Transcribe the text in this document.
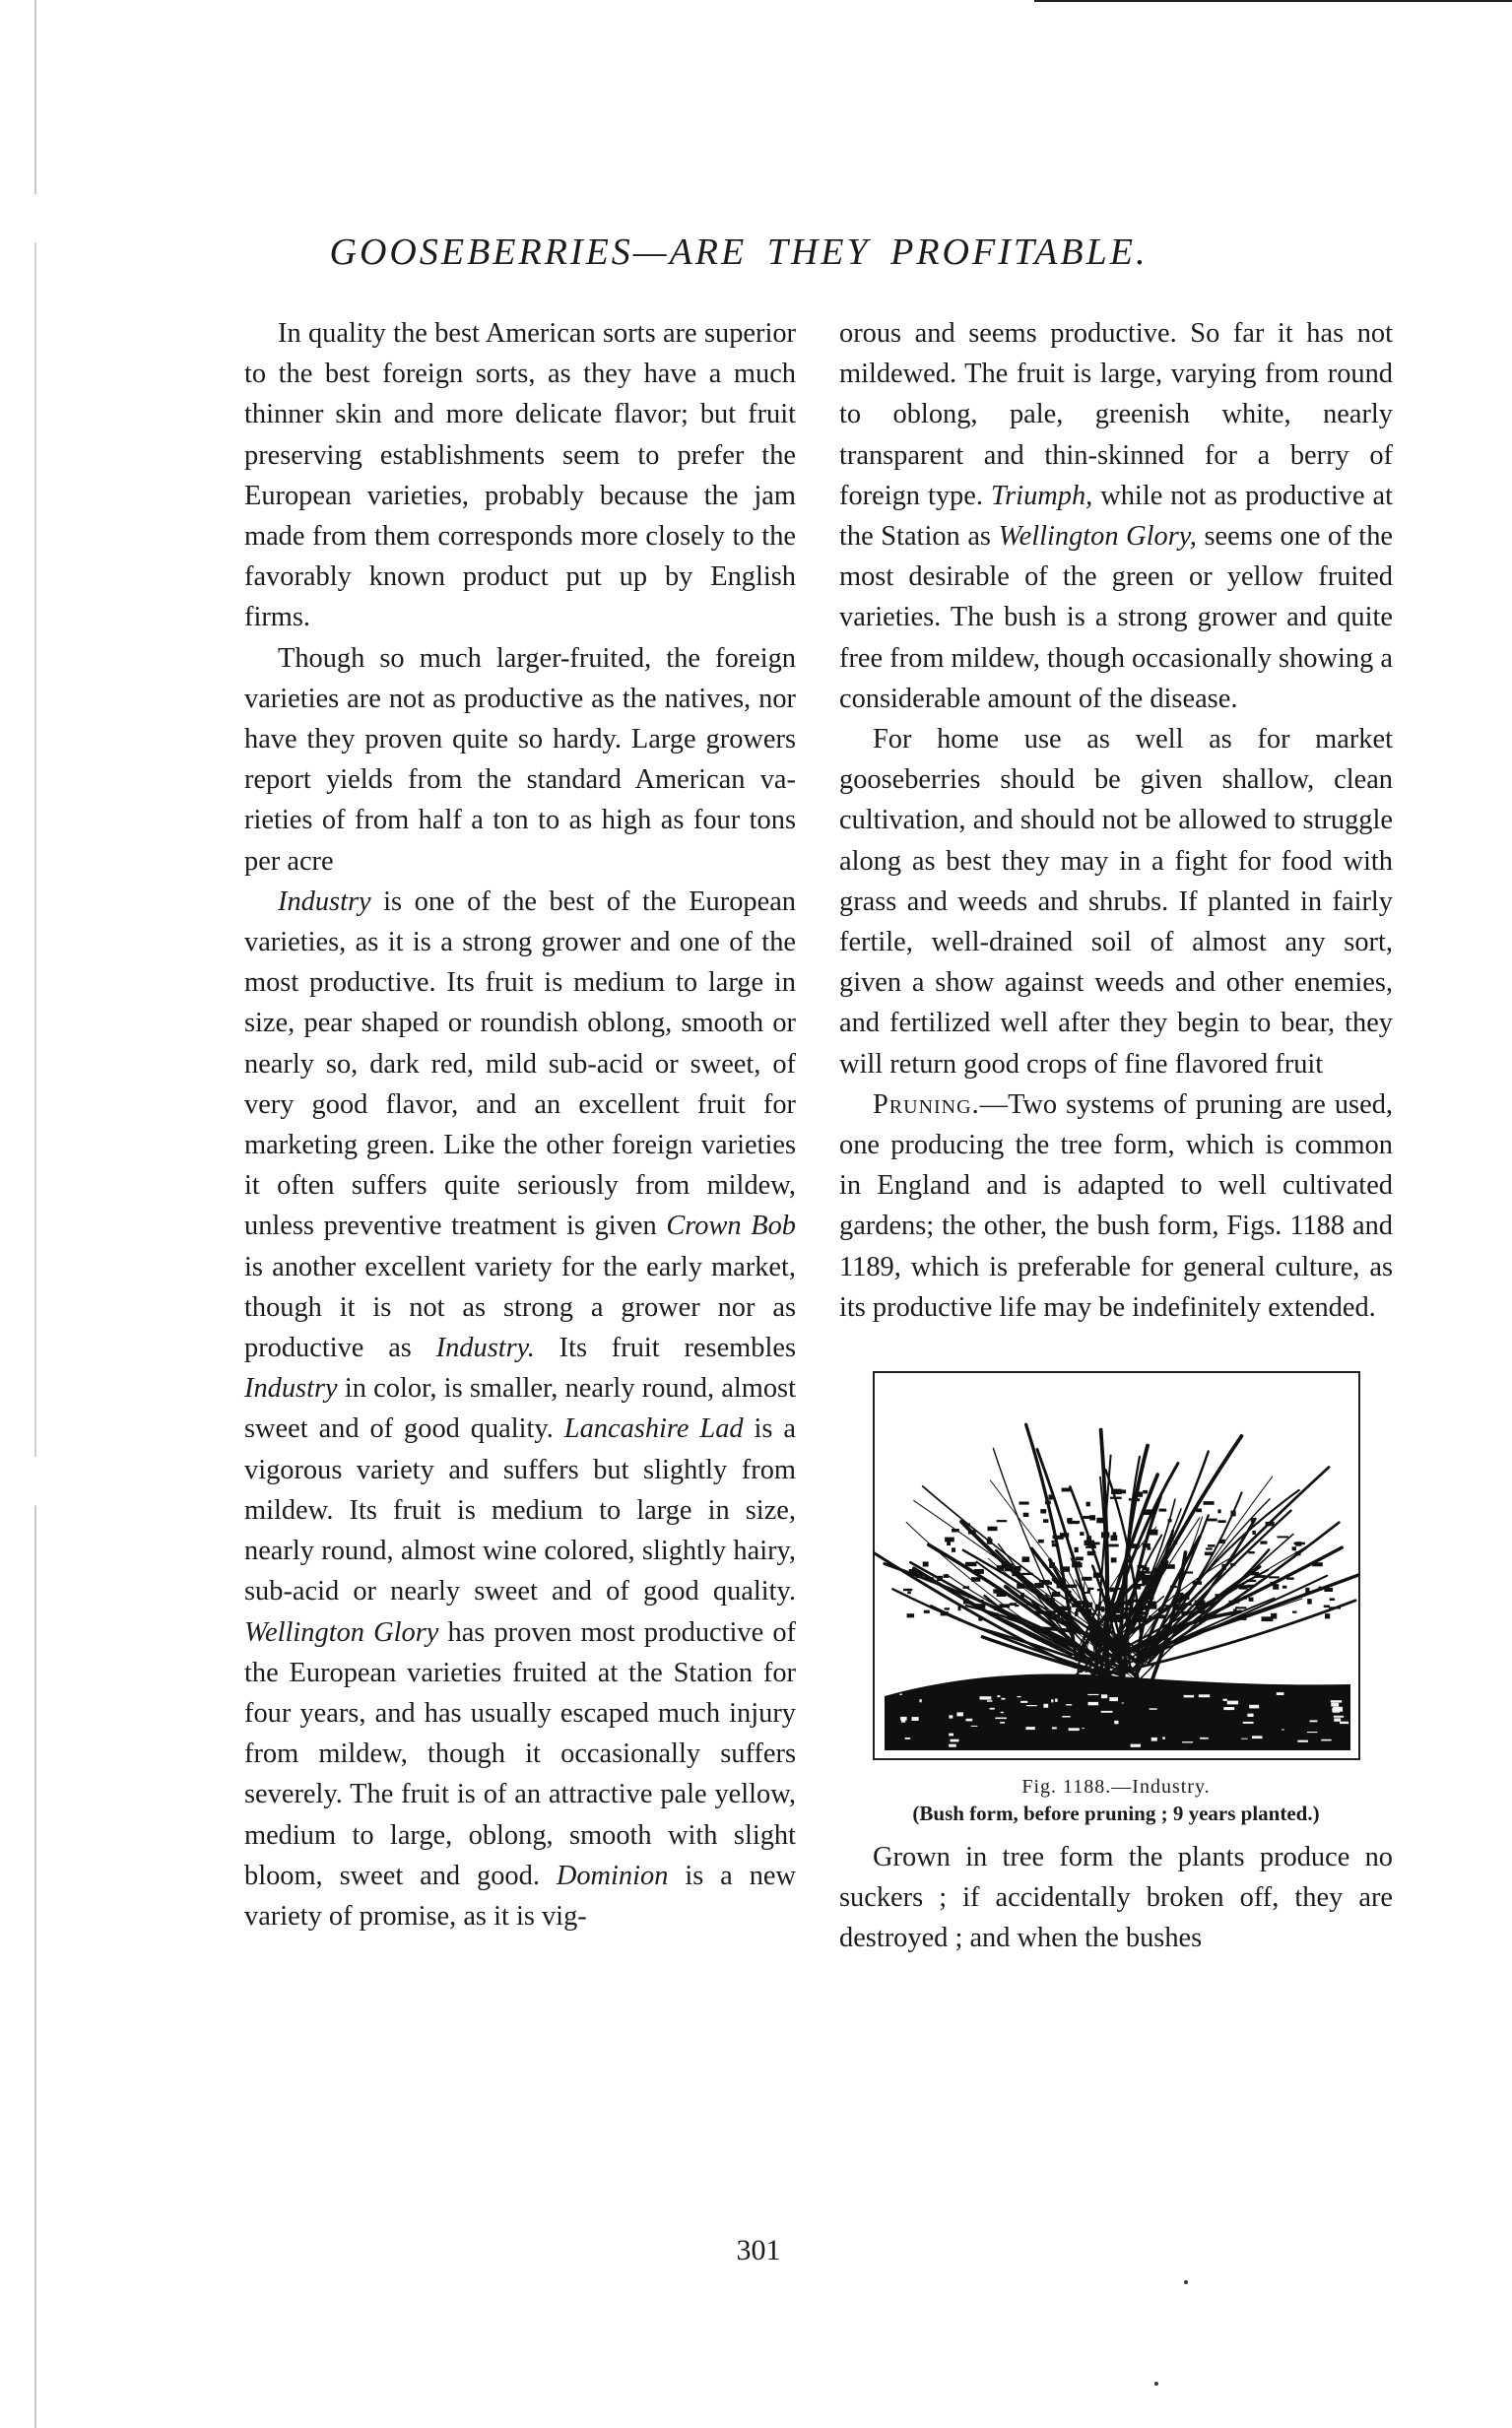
GOOSEBERRIES—ARE THEY PROFITABLE.

In quality the best American sorts are superior to the best foreign sorts, as they have a much thinner skin and more delicate flavor; but fruit preserving establishments seem to prefer the European varieties, probably because the jam made from them corresponds more closely to the favorably known product put up by English firms.

Though so much larger-fruited, the foreign varieties are not as productive as the natives, nor have they proven quite so hardy. Large growers report yields from the standard American varieties of from half a ton to as high as four tons per acre

Industry is one of the best of the European varieties, as it is a strong grower and one of the most productive. Its fruit is medium to large in size, pear shaped or roundish oblong, smooth or nearly so, dark red, mild sub-acid or sweet, of very good flavor, and an excellent fruit for marketing green. Like the other foreign varieties it often suffers quite seriously from mildew, unless preventive treatment is given Crown Bob is another excellent variety for the early market, though it is not as strong a grower nor as productive as Industry. Its fruit resembles Industry in color, is smaller, nearly round, almost sweet and of good quality. Lancashire Lad is a vigorous variety and suffers but slightly from mildew. Its fruit is medium to large in size, nearly round, almost wine colored, slightly hairy, sub-acid or nearly sweet and of good quality. Wellington Glory has proven most productive of the European varieties fruited at the Station for four years, and has usually escaped much injury from mildew, though it occasionally suffers severely. The fruit is of an attractive pale yellow, medium to large, oblong, smooth with slight bloom, sweet and good. Dominion is a new variety of promise, as it is vig-

orous and seems productive. So far it has not mildewed. The fruit is large, varying from round to oblong, pale, greenish white, nearly transparent and thin-skinned for a berry of foreign type. Triumph, while not as productive at the Station as Wellington Glory, seems one of the most desirable of the green or yellow fruited varieties. The bush is a strong grower and quite free from mildew, though occasionally showing a considerable amount of the disease.

For home use as well as for market gooseberries should be given shallow, clean cultivation, and should not be allowed to struggle along as best they may in a fight for food with grass and weeds and shrubs. If planted in fairly fertile, well-drained soil of almost any sort, given a show against weeds and other enemies, and fertilized well after they begin to bear, they will return good crops of fine flavored fruit

Pruning.—Two systems of pruning are used, one producing the tree form, which is common in England and is adapted to well cultivated gardens; the other, the bush form, Figs. 1188 and 1189, which is preferable for general culture, as its productive life may be indefinitely extended.

Fig. 1188.—Industry.
(Bush form, before pruning ; 9 years planted.)

Grown in tree form the plants produce no suckers ; if accidentally broken off, they are destroyed ; and when the bushes

301
